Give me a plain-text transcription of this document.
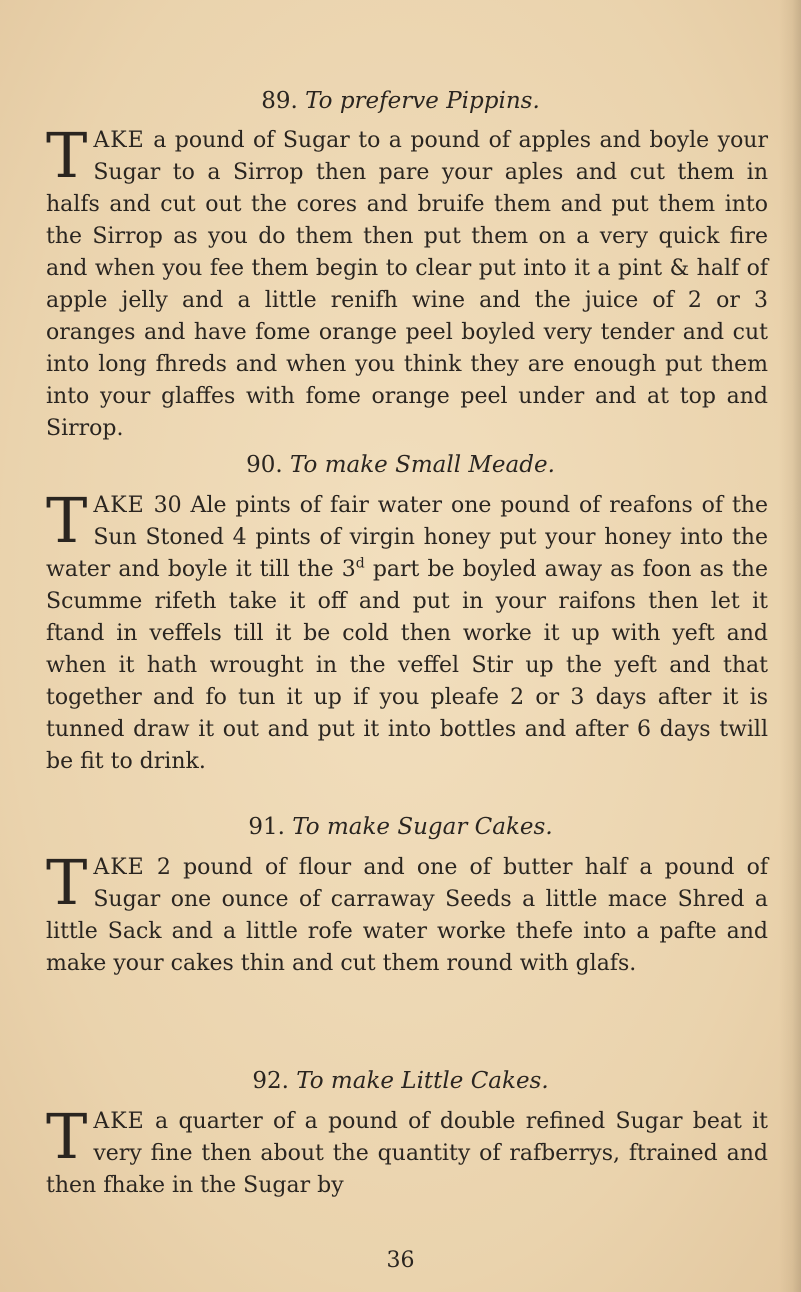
89. To preferve Pippins.

TAKE a pound of Sugar to a pound of apples and boyle your Sugar to a Sirrop then pare your aples and cut them in halfs and cut out the cores and bruife them and put them into the Sirrop as you do them then put them on a very quick fire and when you fee them begin to clear put into it a pint & half of apple jelly and a little renifh wine and the juice of 2 or 3 oranges and have fome orange peel boyled very tender and cut into long fhreds and when you think they are enough put them into your glaffes with fome orange peel under and at top and Sirrop.

90. To make Small Meade.

TAKE 30 Ale pints of fair water one pound of reafons of the Sun Stoned 4 pints of virgin honey put your honey into the water and boyle it till the 3$^d$ part be boyled away as foon as the Scumme rifeth take it off and put in your raifons then let it ftand in veffels till it be cold then worke it up with yeft and when it hath wrought in the veffel Stir up the yeft and that together and fo tun it up if you pleafe 2 or 3 days after it is tunned draw it out and put it into bottles and after 6 days twill be fit to drink.

91. To make Sugar Cakes.

TAKE 2 pound of flour and one of butter half a pound of Sugar one ounce of carraway Seeds a little mace Shred a little Sack and a little rofe water worke thefe into a pafte and make your cakes thin and cut them round with glafs.

92. To make Little Cakes.

TAKE a quarter of a pound of double refined Sugar beat it very fine then about the quantity of rafberrys, ftrained and then fhake in the Sugar by

36
